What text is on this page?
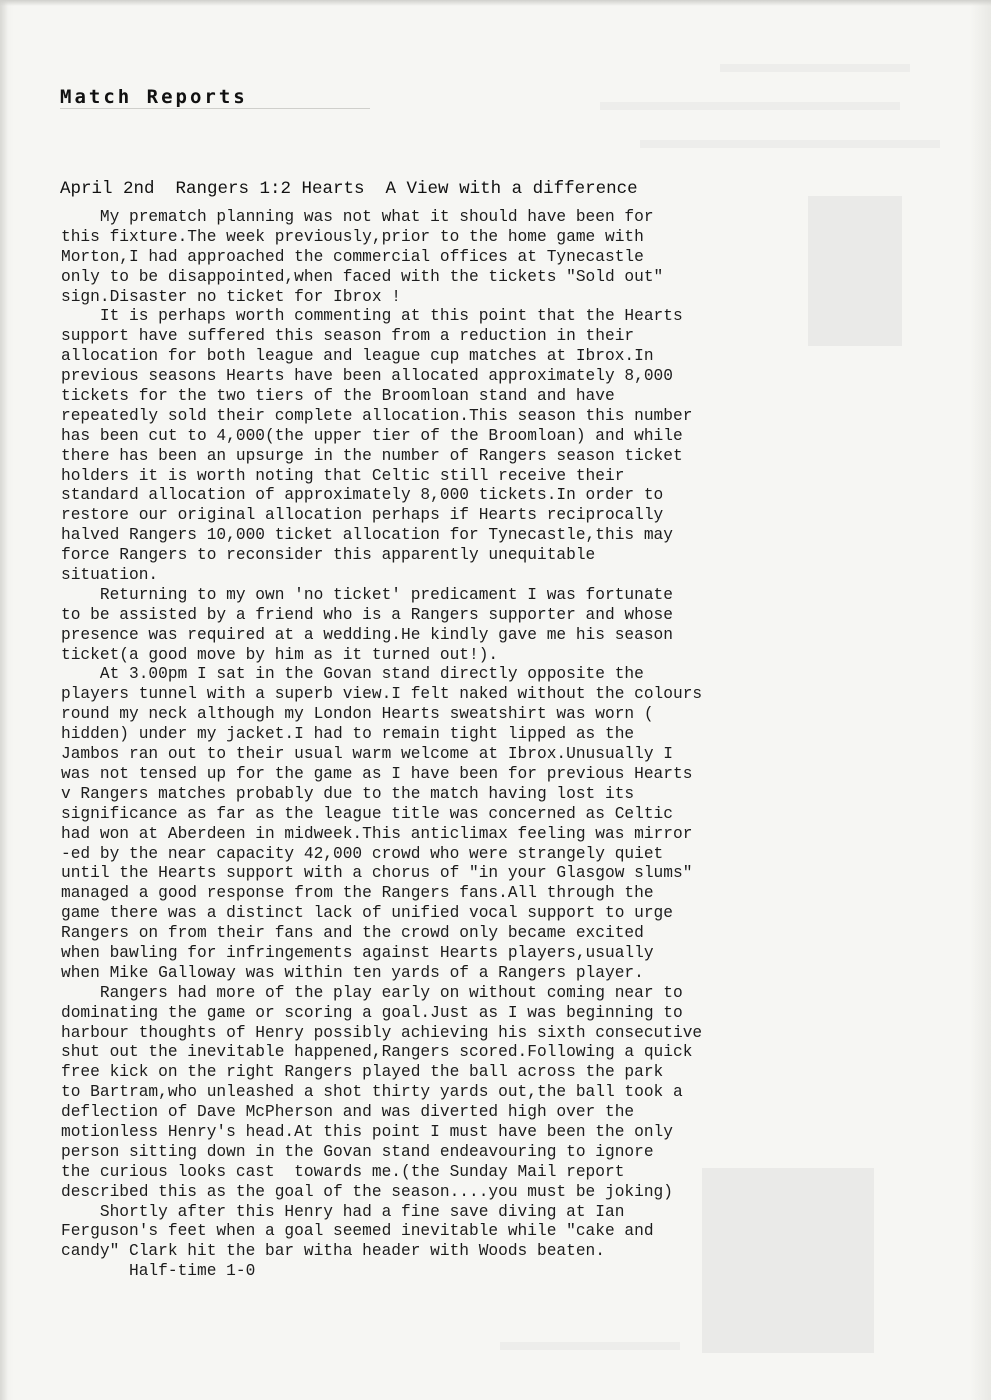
Match Reports
April 2nd  Rangers 1:2 Hearts  A View with a difference
My prematch planning was not what it should have been for
this fixture.The week previously,prior to the home game with
Morton,I had approached the commercial offices at Tynecastle
only to be disappointed,when faced with the tickets "Sold out"
sign.Disaster no ticket for Ibrox !
It is perhaps worth commenting at this point that the Hearts
support have suffered this season from a reduction in their
allocation for both league and league cup matches at Ibrox.In
previous seasons Hearts have been allocated approximately 8,000
tickets for the two tiers of the Broomloan stand and have
repeatedly sold their complete allocation.This season this number
has been cut to 4,000(the upper tier of the Broomloan) and while
there has been an upsurge in the number of Rangers season ticket
holders it is worth noting that Celtic still receive their
standard allocation of approximately 8,000 tickets.In order to
restore our original allocation perhaps if Hearts reciprocally
halved Rangers 10,000 ticket allocation for Tynecastle,this may
force Rangers to reconsider this apparently unequitable
situation.
Returning to my own 'no ticket' predicament I was fortunate
to be assisted by a friend who is a Rangers supporter and whose
presence was required at a wedding.He kindly gave me his season
ticket(a good move by him as it turned out!).
At 3.00pm I sat in the Govan stand directly opposite the
players tunnel with a superb view.I felt naked without the colours
round my neck although my London Hearts sweatshirt was worn (
hidden) under my jacket.I had to remain tight lipped as the
Jambos ran out to their usual warm welcome at Ibrox.Unusually I
was not tensed up for the game as I have been for previous Hearts
v Rangers matches probably due to the match having lost its
significance as far as the league title was concerned as Celtic
had won at Aberdeen in midweek.This anticlimax feeling was mirror
-ed by the near capacity 42,000 crowd who were strangely quiet
until the Hearts support with a chorus of "in your Glasgow slums"
managed a good response from the Rangers fans.All through the
game there was a distinct lack of unified vocal support to urge
Rangers on from their fans and the crowd only became excited
when bawling for infringements against Hearts players,usually
when Mike Galloway was within ten yards of a Rangers player.
Rangers had more of the play early on without coming near to
dominating the game or scoring a goal.Just as I was beginning to
harbour thoughts of Henry possibly achieving his sixth consecutive
shut out the inevitable happened,Rangers scored.Following a quick
free kick on the right Rangers played the ball across the park
to Bartram,who unleashed a shot thirty yards out,the ball took a
deflection of Dave McPherson and was diverted high over the
motionless Henry's head.At this point I must have been the only
person sitting down in the Govan stand endeavouring to ignore
the curious looks cast  towards me.(the Sunday Mail report
described this as the goal of the season....you must be joking)
Shortly after this Henry had a fine save diving at Ian
Ferguson's feet when a goal seemed inevitable while "cake and
candy" Clark hit the bar witha header with Woods beaten.
Half-time 1-0
